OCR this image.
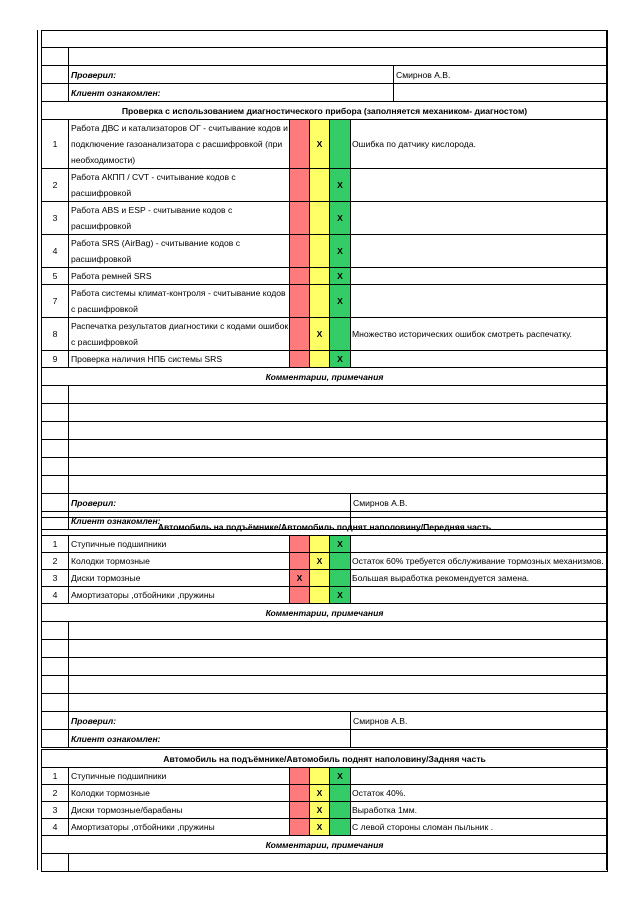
	Проверил:	Смирнов А.В.
	Клиент ознакомлен:	
Проверка с использованием диагностического прибора (заполняется механиком- диагностом)					
1	Работа ДВС и катализаторов ОГ - считывание кодов и подключение газоанализатора с расшифровкой (при необходимости)		X		Ошибка по датчику кислорода.
2	Работа АКПП / CVT - считывание кодов с расшифровкой			X	
3	Работа ABS и ESP - считывание кодов с расшифровкой			X	
4	Работа SRS (AirBag) - считывание кодов с расшифровкой			X	
5	Работа ремней SRS			X	
7	Работа системы климат-контроля - считывание кодов с расшифровкой			X	
8	Распечатка результатов диагностики с кодами ошибок с расшифровкой		X		Множество исторических ошибок смотреть распечатку.
9	Проверка наличия НПБ системы SRS			X	
Комментарии, примечания					

	Проверил:				Смирнов А.В.
	Клиент ознакомлен:				
Автомобиль на подъёмнике/Автомобиль поднят наполовину/Передняя часть					
1	Ступичные подшипники			X	
2	Колодки тормозные		X		Остаток 60% требуется обслуживание тормозных механизмов.
3	Диски тормозные	X			Большая выработка рекомендуется замена.
4	Амортизаторы ,отбойники ,пружины			X	
Комментарии, примечания					

	Проверил:				Смирнов А.В.
	Клиент ознакомлен:				
Автомобиль на подъёмнике/Автомобиль поднят наполовину/Задняя часть					
1	Ступичные подшипники			X	
2	Колодки тормозные		X		Остаток 40%.
3	Диски тормозные/барабаны		X		Выработка 1мм.
4	Амортизаторы ,отбойники ,пружины		X		С левой стороны сломан пыльник .
Комментарии, примечания					
